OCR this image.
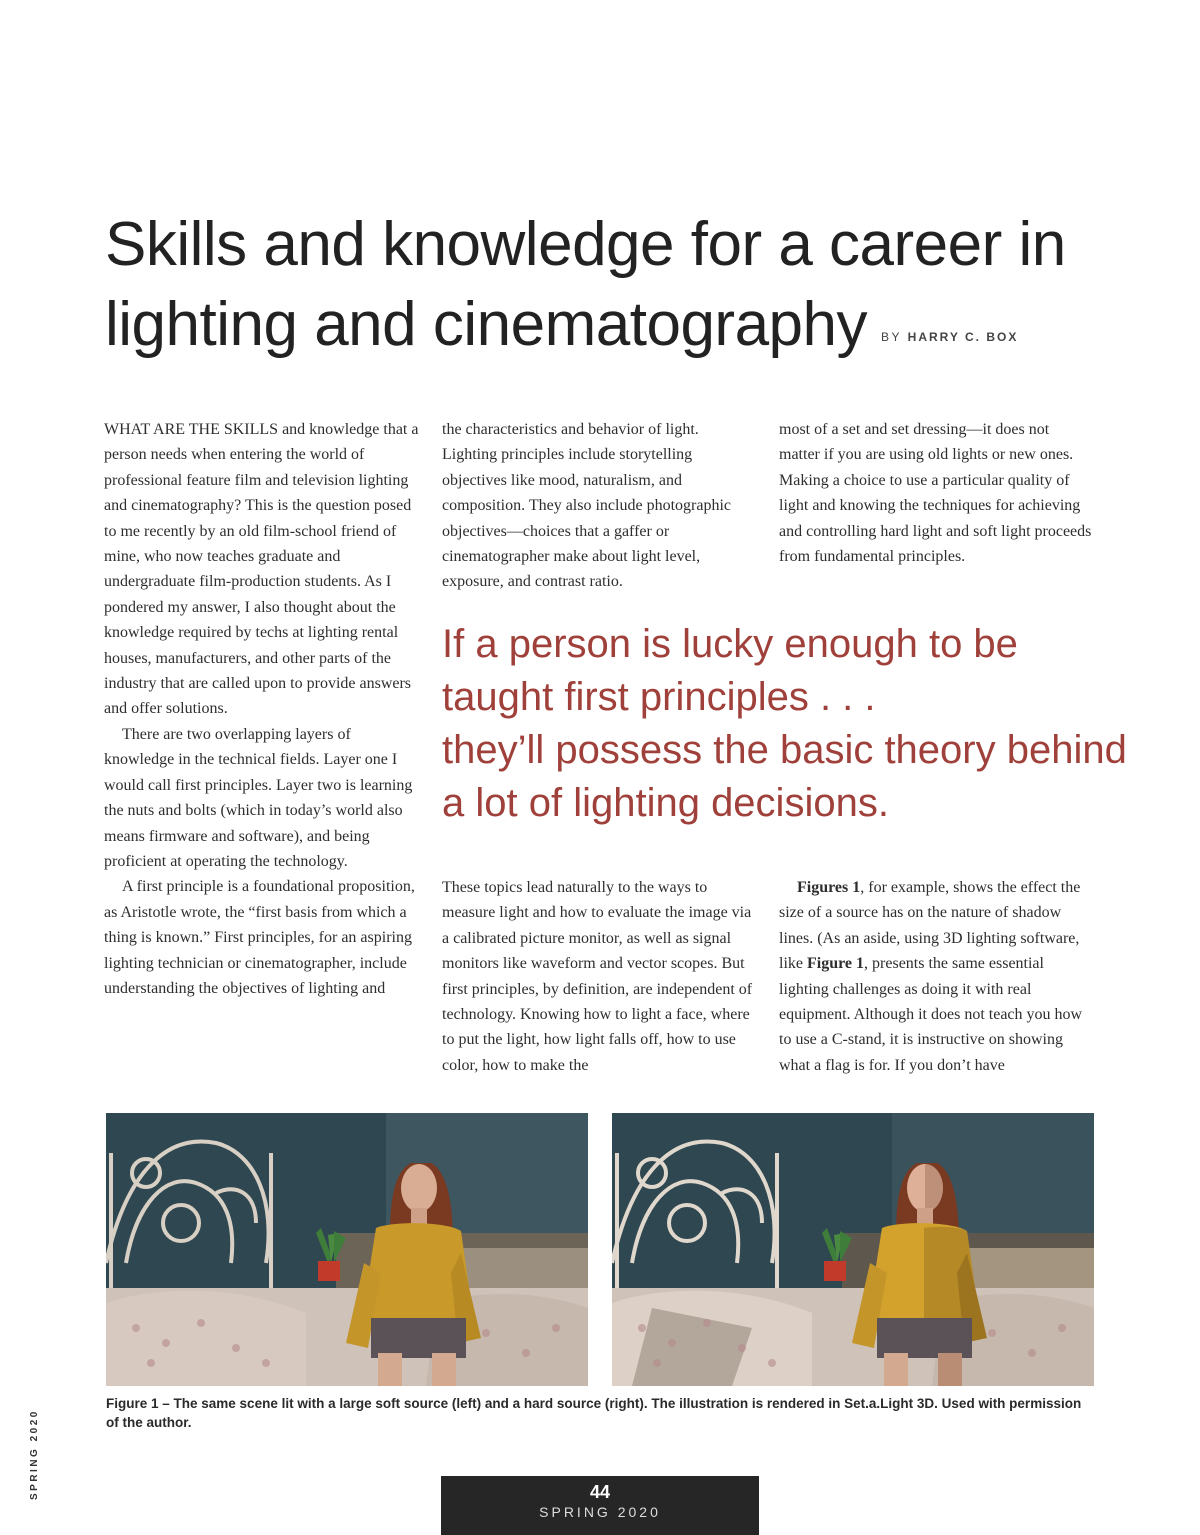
Skills and knowledge for a career in
lighting and cinematography BY HARRY C. BOX

WHAT ARE THE SKILLS and knowledge that a person needs when entering the world of professional feature film and television lighting and cinematography? This is the question posed to me recently by an old film-school friend of mine, who now teaches graduate and undergraduate film-production students. As I pondered my answer, I also thought about the knowledge required by techs at lighting rental houses, manufacturers, and other parts of the industry that are called upon to provide answers and offer solutions.

There are two overlapping layers of knowledge in the technical fields. Layer one I would call first principles. Layer two is learning the nuts and bolts (which in today’s world also means firmware and software), and being proficient at operating the technology.

A first principle is a foundational proposition, as Aristotle wrote, the “first basis from which a thing is known.” First principles, for an aspiring lighting technician or cinematographer, include understanding the objectives of lighting and

the characteristics and behavior of light. Lighting principles include storytelling objectives like mood, naturalism, and composition. They also include photographic objectives—choices that a gaffer or cinematographer make about light level, exposure, and contrast ratio.

most of a set and set dressing—it does not matter if you are using old lights or new ones. Making a choice to use a particular quality of light and knowing the techniques for achieving and controlling hard light and soft light proceeds from fundamental principles.

If a person is lucky enough to be
taught first principles . . .
they’ll possess the basic theory behind
a lot of lighting decisions.

These topics lead naturally to the ways to measure light and how to evaluate the image via a calibrated picture monitor, as well as signal monitors like waveform and vector scopes. But first principles, by definition, are independent of technology. Knowing how to light a face, where to put the light, how light falls off, how to use color, how to make the

Figures 1, for example, shows the effect the size of a source has on the nature of shadow lines. (As an aside, using 3D lighting software, like Figure 1, presents the same essential lighting challenges as doing it with real equipment. Although it does not teach you how to use a C-stand, it is instructive on showing what a flag is for. If you don’t have

Figure 1 – The same scene lit with a large soft source (left) and a hard source (right). The illustration is rendered in Set.a.Light 3D. Used with permission of the author.
SPRING 2020	44
SPRING 2020
